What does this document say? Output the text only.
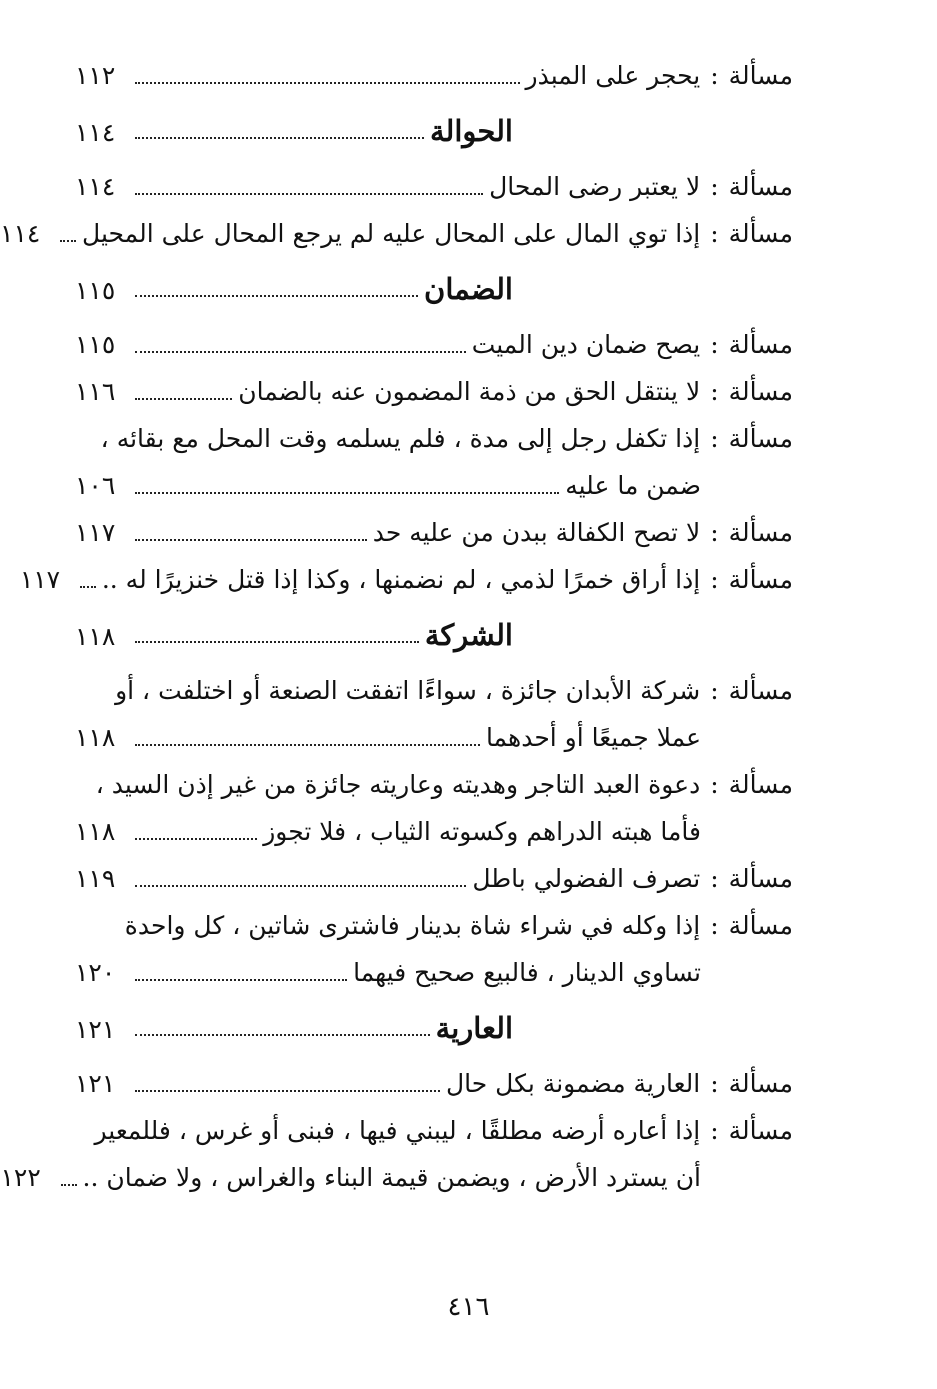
مسألة
:
يحجر على المبذر
١١٢
الحوالة
١١٤
مسألة
:
لا يعتبر رضى المحال
١١٤
مسألة
:
إذا توي المال على المحال عليه لم يرجع المحال على المحيل
١١٤
الضمان
١١٥
مسألة
:
يصح ضمان دين الميت
١١٥
مسألة
:
لا ينتقل الحق من ذمة المضمون عنه بالضمان
١١٦
مسألة
:
إذا تكفل رجل إلى مدة ، فلم يسلمه وقت المحل مع بقائه ،
ضمن ما عليه
١٠٦
مسألة
:
لا تصح الكفالة ببدن من عليه حد
١١٧
مسألة
:
إذا أراق خمرًا لذمي ، لم نضمنها ، وكذا إذا قتل خنزيرًا له ..
١١٧
الشركة
١١٨
مسألة
:
شركة الأبدان جائزة ، سواءًا اتفقت الصنعة أو اختلفت ، أو
عملا جميعًا أو أحدهما
١١٨
مسألة
:
دعوة العبد التاجر وهديته وعاريته جائزة من غير إذن السيد ،
فأما هبته الدراهم وكسوته الثياب ، فلا تجوز
١١٨
مسألة
:
تصرف الفضولي باطل
١١٩
مسألة
:
إذا وكله في شراء شاة بدينار فاشترى شاتين ، كل واحدة
تساوي الدينار ، فالبيع صحيح فيهما
١٢٠
العارية
١٢١
مسألة
:
العارية مضمونة بكل حال
١٢١
مسألة
:
إذا أعاره أرضه مطلقًا ، ليبني فيها ، فبنى أو غرس ، فللمعير
أن يسترد الأرض ، ويضمن قيمة البناء والغراس ، ولا ضمان ..
١٢٢
٤١٦
